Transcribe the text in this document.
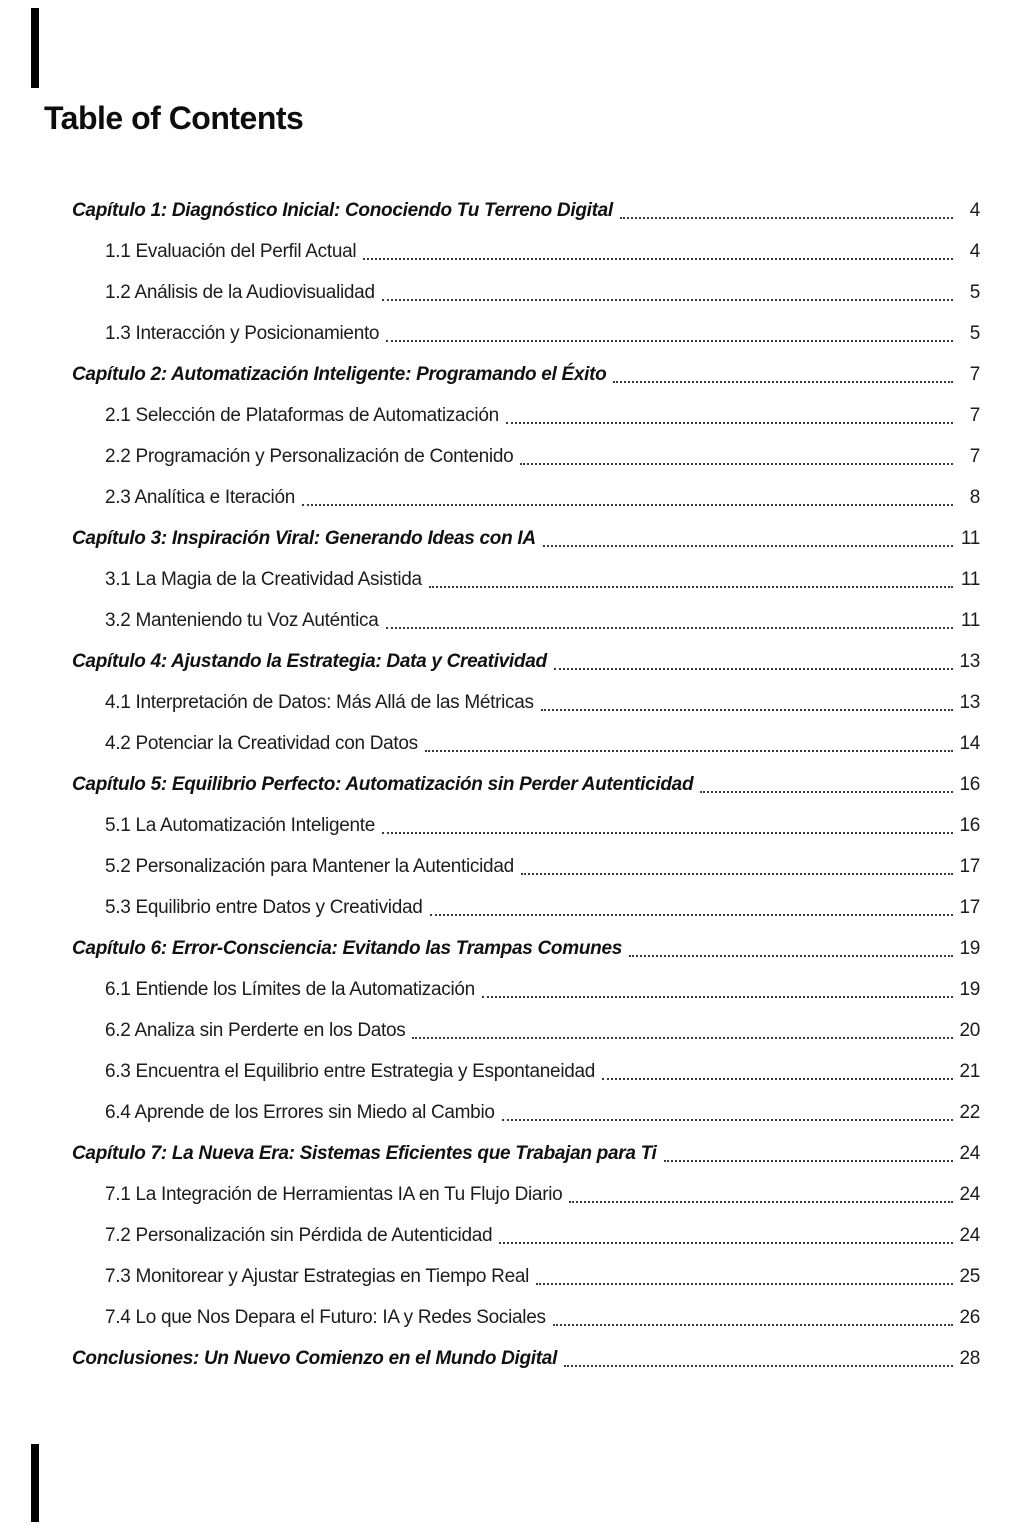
Table of Contents
Capítulo 1: Diagnóstico Inicial: Conociendo Tu Terreno Digital	4
1.1 Evaluación del Perfil Actual	4
1.2 Análisis de la Audiovisualidad	5
1.3 Interacción y Posicionamiento	5
Capítulo 2: Automatización Inteligente: Programando el Éxito	7
2.1 Selección de Plataformas de Automatización	7
2.2 Programación y Personalización de Contenido	7
2.3 Analítica e Iteración	8
Capítulo 3: Inspiración Viral: Generando Ideas con IA	11
3.1 La Magia de la Creatividad Asistida	11
3.2 Manteniendo tu Voz Auténtica	11
Capítulo 4: Ajustando la Estrategia: Data y Creatividad	13
4.1 Interpretación de Datos: Más Allá de las Métricas	13
4.2 Potenciar la Creatividad con Datos	14
Capítulo 5: Equilibrio Perfecto: Automatización sin Perder Autenticidad	16
5.1 La Automatización Inteligente	16
5.2 Personalización para Mantener la Autenticidad	17
5.3 Equilibrio entre Datos y Creatividad	17
Capítulo 6: Error-Consciencia: Evitando las Trampas Comunes	19
6.1 Entiende los Límites de la Automatización	19
6.2 Analiza sin Perderte en los Datos	20
6.3 Encuentra el Equilibrio entre Estrategia y Espontaneidad	21
6.4 Aprende de los Errores sin Miedo al Cambio	22
Capítulo 7: La Nueva Era: Sistemas Eficientes que Trabajan para Ti	24
7.1 La Integración de Herramientas IA en Tu Flujo Diario	24
7.2 Personalización sin Pérdida de Autenticidad	24
7.3 Monitorear y Ajustar Estrategias en Tiempo Real	25
7.4 Lo que Nos Depara el Futuro: IA y Redes Sociales	26
Conclusiones: Un Nuevo Comienzo en el Mundo Digital	28
